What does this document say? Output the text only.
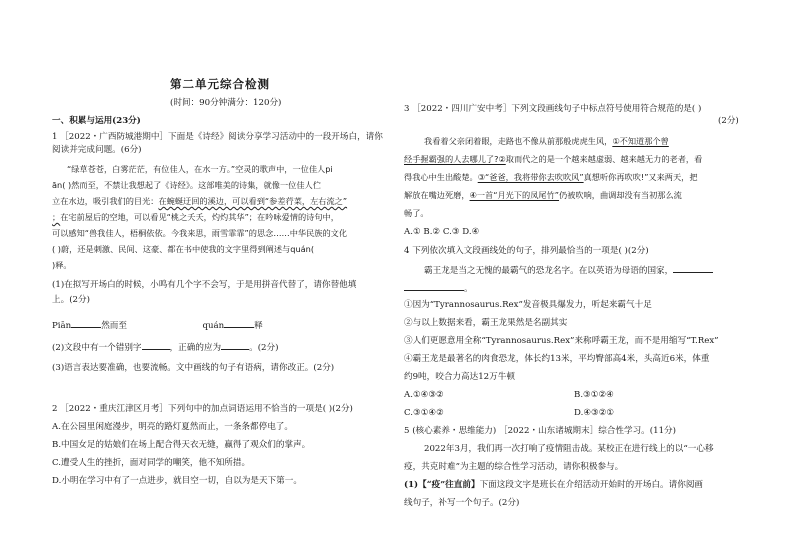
第二单元综合检测
(时间：90分钟满分：120分)
一、积累与运用(23分)
1 ［2022・广西防城港期中］下面是《诗经》阅读分享学习活动中的一段开场白，请你
阅读并完成问题。(6分)
“绿草苍苍，白雾茫茫，有位佳人，在水一方。”空灵的歌声中，一位佳人pi
ān( )然而至，不禁让我想起了《诗经》。这部唯美的诗集，就像一位佳人伫
立在水边，吸引我们的目光：在蜿蜒迂回的溪边，可以看到“参差荇菜，左右流之”
；在宅前屋后的空地，可以看见“桃之夭夭，灼灼其华”；在吟咏爱情的诗句中，
可以感知“兽我佳人，梧桐依依。今我来思，雨雪霏霏”的思念……中华民族的文化
( )蔚，还是刺激、民间、这豪、都在书中使我的文字里得到阐述与quán(
)释。
(1)在拟写开场白的时候，小鸣有几个字不会写，于是用拼音代替了，请你替他填
上。(2分)
Piān	然而至	quán	释
(2)文段中有一个错别字	，正确的应为	。(2分)
(3)语言表达要准确，也要流畅。文中画线的句子有语病，请你改正。(2分)
2 ［2022・重庆江津区月考］下列句中的加点词语运用不恰当的一项是( )(2分)
A.在公园里闲庭漫步，明亮的路灯夏然而止，一条条都停电了。
B.中国女足的姑娘们在场上配合得天衣无缝，赢得了观众们的掌声。
C.遭受人生的挫折，面对同学的嘲笑，他不知所措。
D.小明在学习中有了一点进步，就目空一切，自以为是天下第一。
3 ［2022・四川广安中考］下列文段画线句子中标点符号使用符合规范的是( )
(2分)
我看着父亲闭着眼，走路也不像从前那般虎虎生风，①不知道那个曾
经手握霸强的人去哪儿了?②取而代之的是一个越来越虚弱、越来越无力的老者，看
得我心中生出酸楚。③“爸爸，我将带你去吹吹风”真想听你再吹吹!”又来两天，把
解放在嘴边死磨，④一首“月光下的凤尾竹”仍被吹响，曲调却没有当初那么流
畅了。
A.① B.② C.③ D.④
4 下列依次填入文段画线处的句子，排列最恰当的一项是( )(2分)
霸王龙是当之无愧的最霸气的恐龙名字。在以英语为母语的国家，
。
①因为“Tyrannosaurus.Rex”发音极具爆发力，听起来霸气十足
②与以上数据来看，霸王龙果然是名副其实
③人们更愿意用全称“Tyrannosaurus.Rex”来称呼霸王龙，而不是用缩写“T.Rex”
④霸王龙是最著名的肉食恐龙，体长约13米，平均臀部高4米，头高近6米，体重
约9吨，咬合力高达12万牛顿
A.①④③②	B.③①②④
C.③①④②	D.④③②①
5 (核心素养・思维能力) ［2022・山东诸城期末］综合性学习。(11分)
2022年3月，我们再一次打响了疫情阻击战。某校正在进行线上的以“一心移
疫，共克时难”为主题的综合性学习活动，请你积极参与。
(1)【“疫”往直前】下面这段文字是班长在介绍活动开始时的开场白。请你阅画
线句子，补写一个句子。(2分)
